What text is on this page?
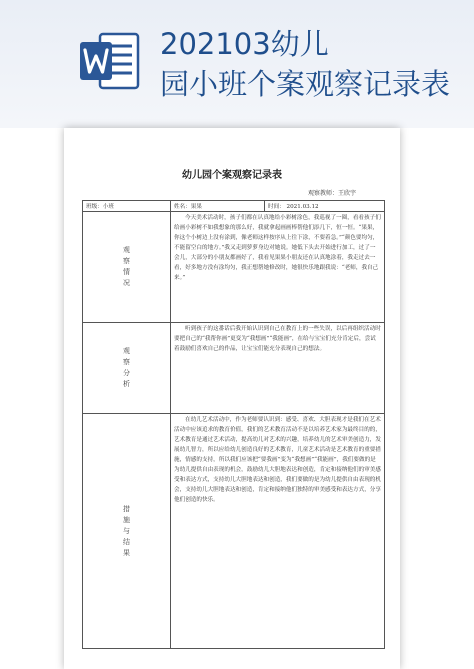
202103幼儿
园小班个案观察记录表
幼儿园个案观察记录表
观察教师：王欣宇
班级：小班	姓名：果果	时间： 2021.03.12
观察情况	今天美术活动时，孩子们都在认真地给小彩树涂色，我巡视了一圈，看看孩子们给画小彩树不如我想象的那么好，我就拿起画画棒帮他们添几下，恒一恒。“果果，你这个小树边上没有涂到，像老师这样按序从上往下涂，不要着急。”“颜色要均匀，不能留空白的地方。”我又走到萝萝身边对她说。她低下头去开始进行加工，过了一会儿，大部分的小朋友都画好了，我看见果果小朋友还在认真地涂着，我走过去一看，好多地方没有涂均匀，我正想帮她修改时，她很快乐地跟我说：“老师，我自己来。”	

观察分析	听到孩子的这番话后我开始认识到自己在教育上的一些失误，以后再组织活动时要把自己的“我帮你画”更变为“我想画”“我能画”，在给与宝宝们充分肯定后，尝试着鼓励们喜欢自己的作品，让宝宝们能充分表现自己的想法。	

措施与结果	在幼儿艺术活动中，作为老师要认识到：感受、喜欢、大胆表现才是我们在艺术活动中应该追求的教育价值，我们的艺术教育活动不是以培养艺术家为最终目的的，艺术教育是通过艺术活动，提高幼儿对艺术的兴趣，培养幼儿的艺术审美创造力，发展幼儿智力，所以应给幼儿创造良好的艺术教育，儿童艺术活动是艺术教育的重要措施，情感的支持，所以我们应该把“要我画”变为“我想画”“我能画”，我们要做的是为幼儿提供自由表现的机会，鼓励幼儿大胆地表达和创造，肯定和接纳他们的审美感受和表达方式，支持幼儿大胆地表达和创造，我们要做的是为幼儿提供自由表现的机会，支持幼儿大胆地表达和创造，肯定和接纳他们独特的审美感受和表达方式，分享他们创造的快乐。	
